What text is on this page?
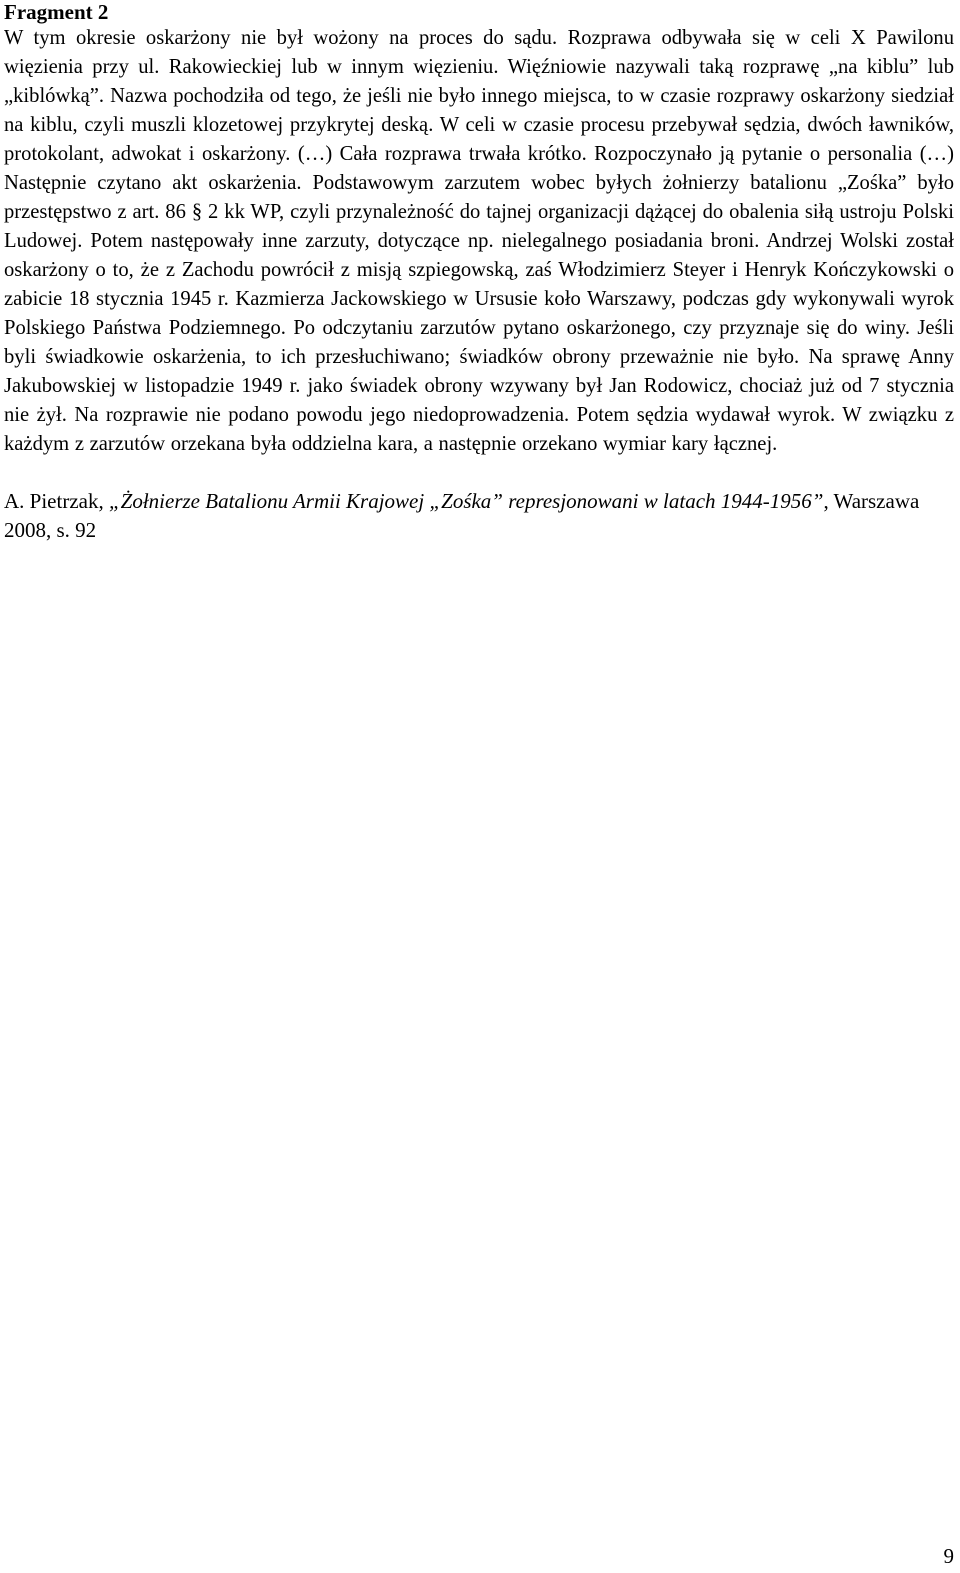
Fragment 2

W tym okresie oskarżony nie był wożony na proces do sądu. Rozprawa odbywała się w celi X Pawilonu więzienia przy ul. Rakowieckiej lub w innym więzieniu. Więźniowie nazywali taką rozprawę „na kiblu” lub „kiblówką”. Nazwa pochodziła od tego, że jeśli nie było innego miejsca, to w czasie rozprawy oskarżony siedział na kiblu, czyli muszli klozetowej przykrytej deską. W celi w czasie procesu przebywał sędzia, dwóch ławników, protokolant, adwokat i oskarżony. (…) Cała rozprawa trwała krótko. Rozpoczynało ją pytanie o personalia (…) Następnie czytano akt oskarżenia. Podstawowym zarzutem wobec byłych żołnierzy batalionu „Zośka” było przestępstwo z art. 86 § 2 kk WP, czyli przynależność do tajnej organizacji dążącej do obalenia siłą ustroju Polski Ludowej. Potem następowały inne zarzuty, dotyczące np. nielegalnego posiadania broni. Andrzej Wolski został oskarżony o to, że z Zachodu powrócił z misją szpiegowską, zaś Włodzimierz Steyer i Henryk Kończykowski o zabicie 18 stycznia 1945 r. Kazmierza Jackowskiego w Ursusie koło Warszawy, podczas gdy wykonywali wyrok Polskiego Państwa Podziemnego. Po odczytaniu zarzutów pytano oskarżonego, czy przyznaje się do winy. Jeśli byli świadkowie oskarżenia, to ich przesłuchiwano; świadków obrony przeważnie nie było. Na sprawę Anny Jakubowskiej w listopadzie 1949 r. jako świadek obrony wzywany był Jan Rodowicz, chociaż już od 7 stycznia nie żył. Na rozprawie nie podano powodu jego niedoprowadzenia. Potem sędzia wydawał wyrok. W związku z każdym z zarzutów orzekana była oddzielna kara, a następnie orzekano wymiar kary łącznej.

A. Pietrzak, „Żołnierze Batalionu Armii Krajowej „Zośka” represjonowani w latach 1944-1956”, Warszawa 2008, s. 92

9
